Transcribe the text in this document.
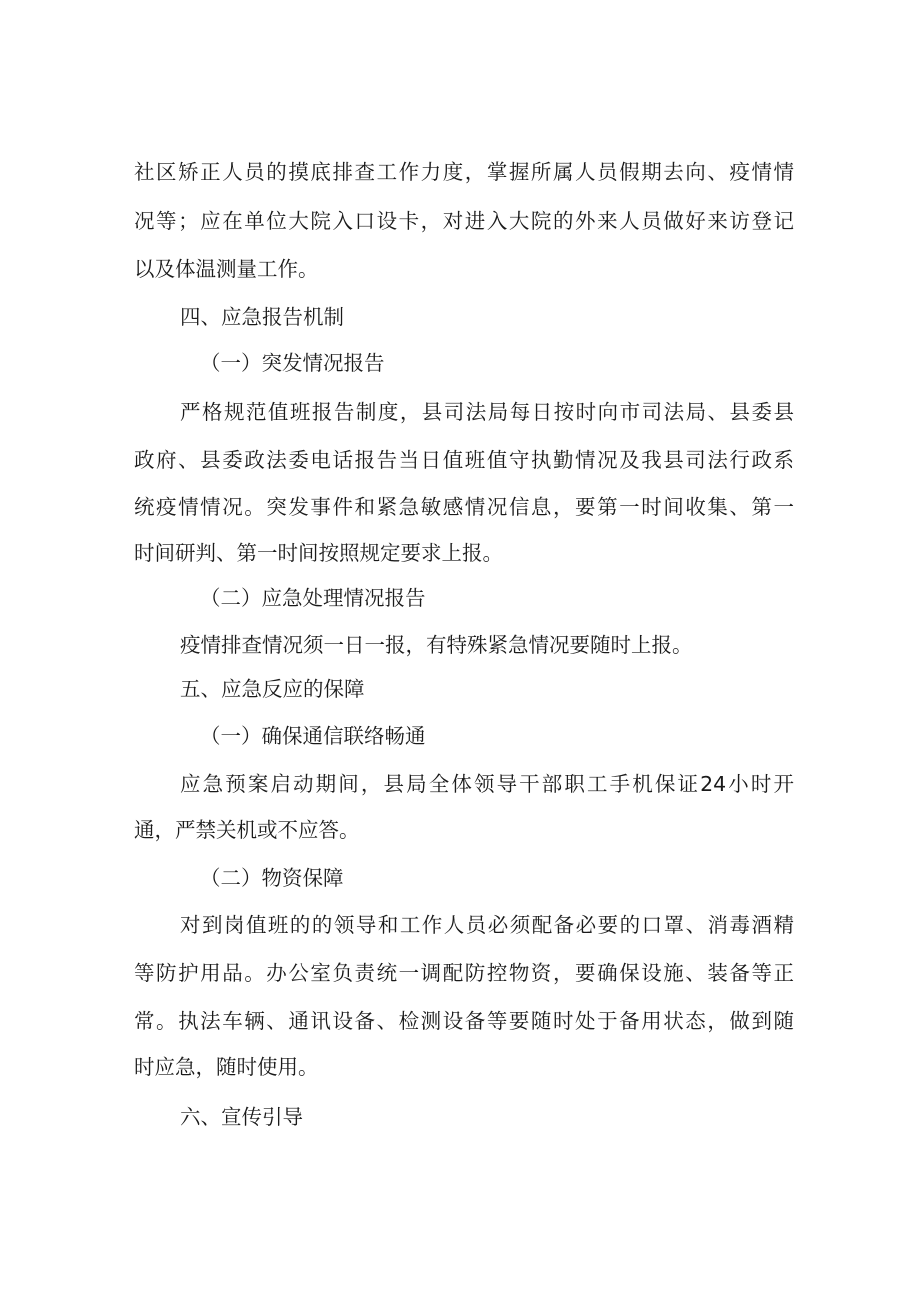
社区矫正人员的摸底排查工作力度，掌握所属人员假期去向、疫情情
况等；应在单位大院入口设卡，对进入大院的外来人员做好来访登记
以及体温测量工作。
四、应急报告机制
（一）突发情况报告
严格规范值班报告制度，县司法局每日按时向市司法局、县委县
政府、县委政法委电话报告当日值班值守执勤情况及我县司法行政系
统疫情情况。突发事件和紧急敏感情况信息，要第一时间收集、第一
时间研判、第一时间按照规定要求上报。
（二）应急处理情况报告
疫情排查情况须一日一报，有特殊紧急情况要随时上报。
五、应急反应的保障
（一）确保通信联络畅通
应急预案启动期间，县局全体领导干部职工手机保证24小时开
通，严禁关机或不应答。
（二）物资保障
对到岗值班的的领导和工作人员必须配备必要的口罩、消毒酒精
等防护用品。办公室负责统一调配防控物资，要确保设施、装备等正
常。执法车辆、通讯设备、检测设备等要随时处于备用状态，做到随
时应急，随时使用。
六、宣传引导
